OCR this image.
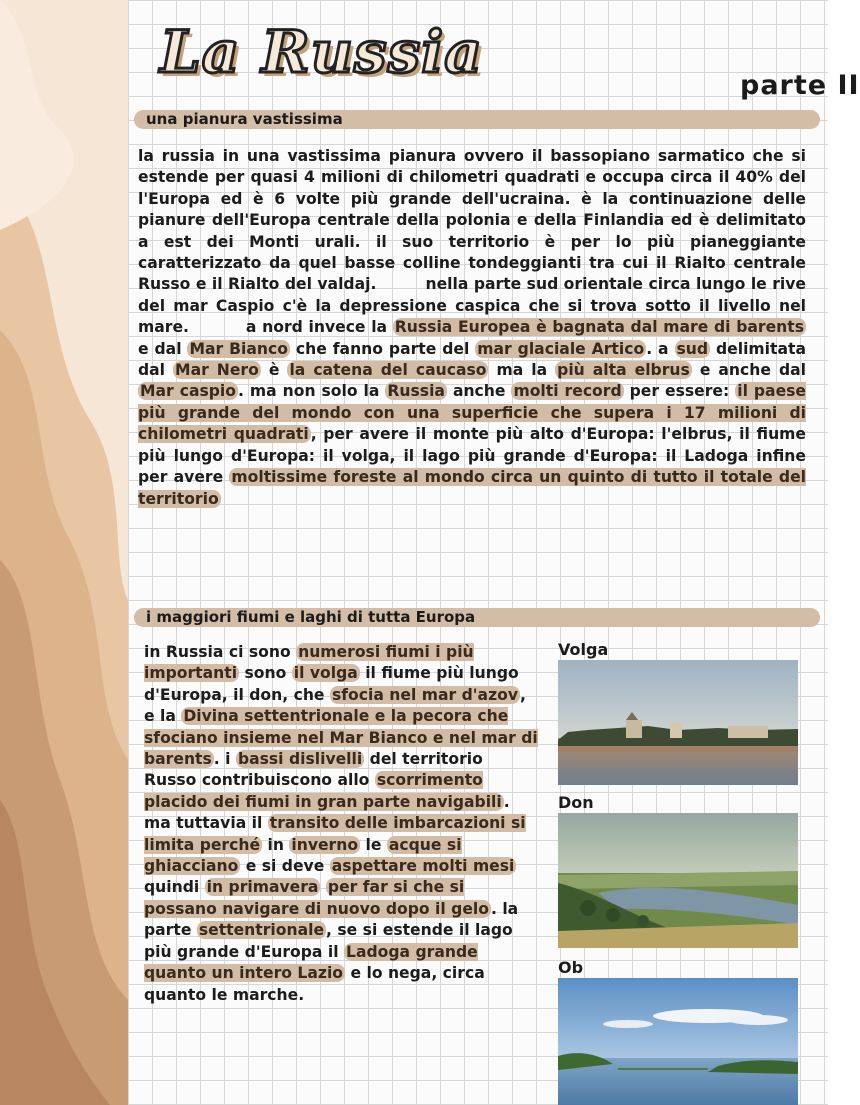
La Russia	parte II
una pianura vastissima
la russia in una vastissima pianura ovvero il bassopiano sarmatico che si estende per quasi 4 milioni di chilometri quadrati e occupa circa il 40% del l'Europa ed è 6 volte più grande dell'ucraina. è la continuazione delle pianure dell'Europa centrale della polonia e della Finlandia ed è delimitato a est dei Monti urali. il suo territorio è per lo più pianeggiante caratterizzato da quel basse colline tondeggianti tra cui il Rialto centrale Russo e il Rialto del valdaj.	nella parte sud orientale circa lungo le rive del mar Caspio c'è la depressione caspica che si trova sotto il livello nel mare.	a nord invece la Russia Europea è bagnata dal mare di barents e dal Mar Bianco che fanno parte del mar glaciale Artico . a sud delimitata dal Mar Nero è la catena del caucaso ma la più alta elbrus e anche dal Mar caspio . ma non solo la Russia anche molti record per essere: il paese più grande del mondo con una superficie che supera i 17 milioni di chilometri quadrati , per avere il monte più alto d'Europa: l'elbrus, il fiume più lungo d'Europa: il volga, il lago più grande d'Europa: il Ladoga infine per avere moltissime foreste al mondo circa un quinto di tutto il totale del territorio
i maggiori fiumi e laghi di tutta Europa
in Russia ci sono numerosi fiumi i più importanti sono il volga il fiume più lungo d'Europa, il don, che sfocia nel mar d'azov , e la Divina settentrionale e la pecora che sfociano insieme nel Mar Bianco e nel mar di barents . i bassi dislivelli del territorio Russo contribuiscono allo scorrimento placido dei fiumi in gran parte navigabili . ma tuttavia il transito delle imbarcazioni si limita perché in inverno le acque si ghiacciano e si deve aspettare molti mesi quindi in primavera per far si che si possano navigare di nuovo dopo il gelo . la parte settentrionale , se si estende il lago più grande d'Europa il Ladoga grande quanto un intero Lazio e lo nega, circa quanto le marche.
Volga
Don
Ob
